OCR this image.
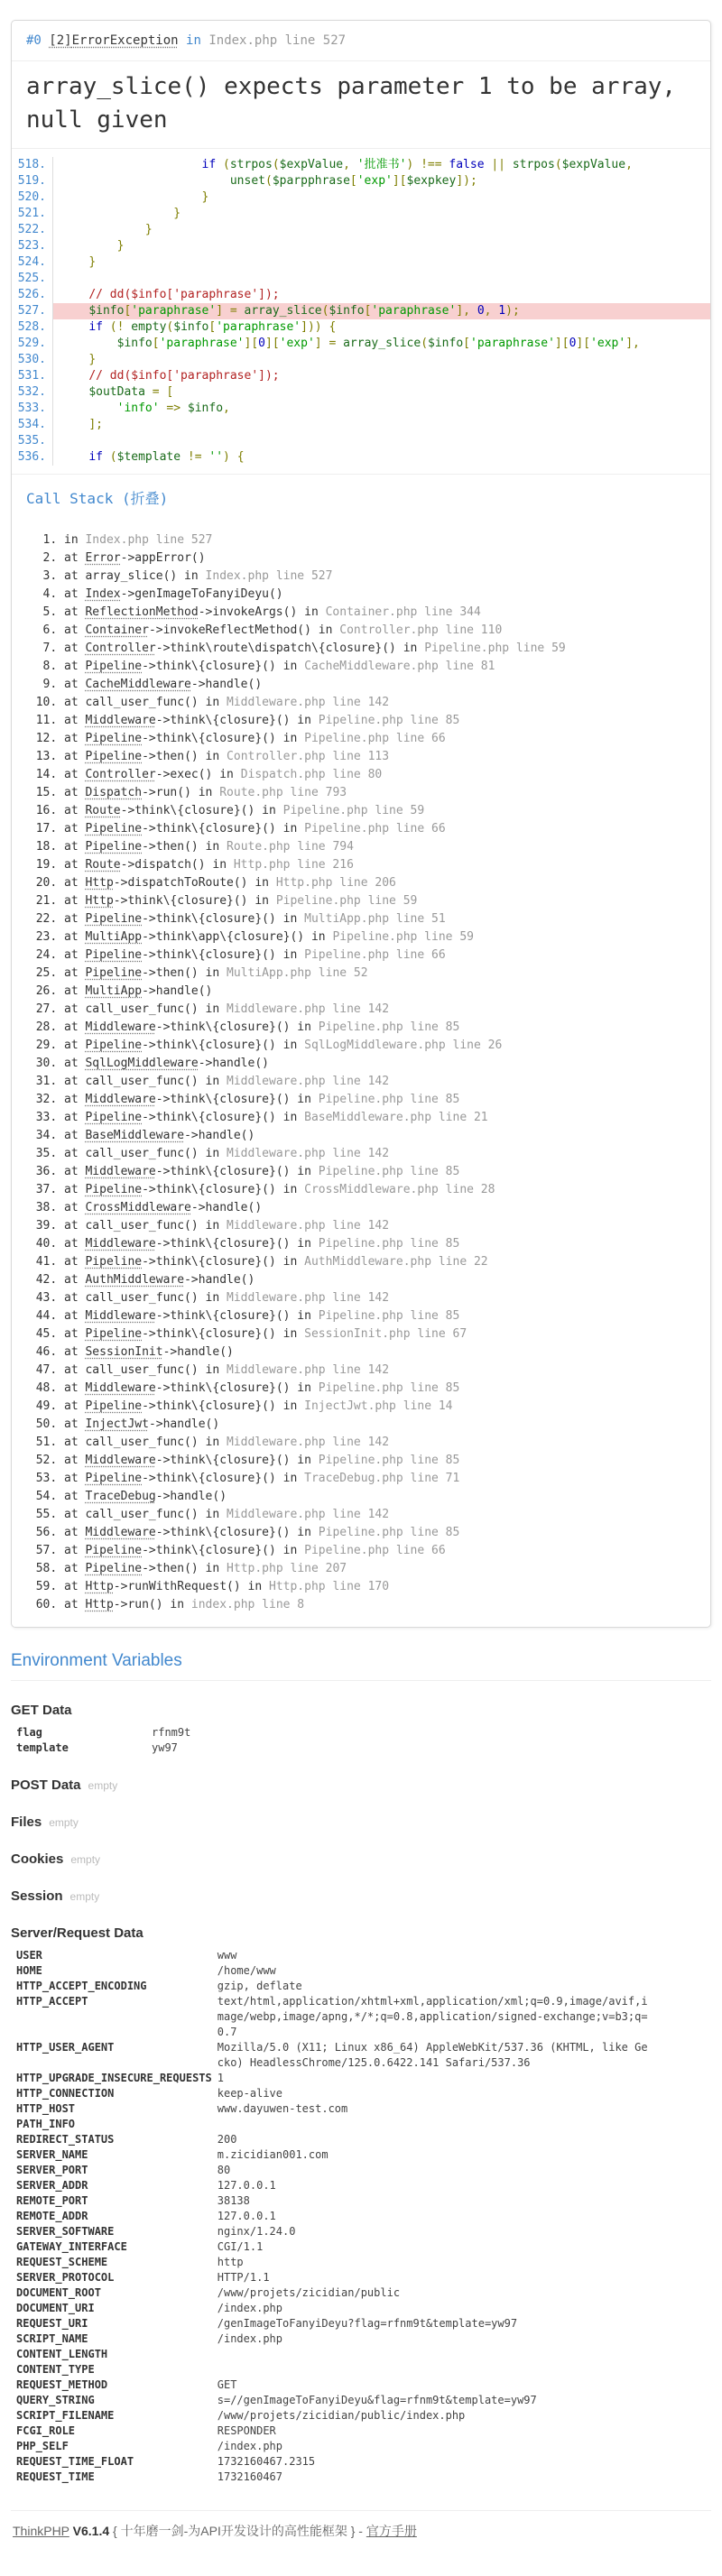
#0 [2]ErrorException in Index.php line 527
array_slice() expects parameter 1 to be array, null given
518.	if (strpos($expValue, '批准书') !== false || strpos($expValue,
519.	unset($parpphrase['exp'][$expkey]);
520.	}
521.	}
522.	}
523.	}
524.	}
525.

526.	// dd($info['paraphrase']);
527.	$info['paraphrase'] = array_slice($info['paraphrase'], 0, 1);
528.	if (! empty($info['paraphrase'])) {
529.	$info['paraphrase'][0]['exp'] = array_slice($info['paraphrase'][0]['exp'],
530.	}
531.	// dd($info['paraphrase']);
532.	$outData = [
533.	'info' => $info,
534.	];
535.

536.	if ($template != '') {
Call Stack (折叠)
1. in Index.php line 527
2. at Error->appError()
3. at array_slice() in Index.php line 527
4. at Index->genImageToFanyiDeyu()
5. at ReflectionMethod->invokeArgs() in Container.php line 344
6. at Container->invokeReflectMethod() in Controller.php line 110
7. at Controller->think\route\dispatch\{closure}() in Pipeline.php line 59
8. at Pipeline->think\{closure}() in CacheMiddleware.php line 81
9. at CacheMiddleware->handle()
10. at call_user_func() in Middleware.php line 142
11. at Middleware->think\{closure}() in Pipeline.php line 85
12. at Pipeline->think\{closure}() in Pipeline.php line 66
13. at Pipeline->then() in Controller.php line 113
14. at Controller->exec() in Dispatch.php line 80
15. at Dispatch->run() in Route.php line 793
16. at Route->think\{closure}() in Pipeline.php line 59
17. at Pipeline->think\{closure}() in Pipeline.php line 66
18. at Pipeline->then() in Route.php line 794
19. at Route->dispatch() in Http.php line 216
20. at Http->dispatchToRoute() in Http.php line 206
21. at Http->think\{closure}() in Pipeline.php line 59
22. at Pipeline->think\{closure}() in MultiApp.php line 51
23. at MultiApp->think\app\{closure}() in Pipeline.php line 59
24. at Pipeline->think\{closure}() in Pipeline.php line 66
25. at Pipeline->then() in MultiApp.php line 52
26. at MultiApp->handle()
27. at call_user_func() in Middleware.php line 142
28. at Middleware->think\{closure}() in Pipeline.php line 85
29. at Pipeline->think\{closure}() in SqlLogMiddleware.php line 26
30. at SqlLogMiddleware->handle()
31. at call_user_func() in Middleware.php line 142
32. at Middleware->think\{closure}() in Pipeline.php line 85
33. at Pipeline->think\{closure}() in BaseMiddleware.php line 21
34. at BaseMiddleware->handle()
35. at call_user_func() in Middleware.php line 142
36. at Middleware->think\{closure}() in Pipeline.php line 85
37. at Pipeline->think\{closure}() in CrossMiddleware.php line 28
38. at CrossMiddleware->handle()
39. at call_user_func() in Middleware.php line 142
40. at Middleware->think\{closure}() in Pipeline.php line 85
41. at Pipeline->think\{closure}() in AuthMiddleware.php line 22
42. at AuthMiddleware->handle()
43. at call_user_func() in Middleware.php line 142
44. at Middleware->think\{closure}() in Pipeline.php line 85
45. at Pipeline->think\{closure}() in SessionInit.php line 67
46. at SessionInit->handle()
47. at call_user_func() in Middleware.php line 142
48. at Middleware->think\{closure}() in Pipeline.php line 85
49. at Pipeline->think\{closure}() in InjectJwt.php line 14
50. at InjectJwt->handle()
51. at call_user_func() in Middleware.php line 142
52. at Middleware->think\{closure}() in Pipeline.php line 85
53. at Pipeline->think\{closure}() in TraceDebug.php line 71
54. at TraceDebug->handle()
55. at call_user_func() in Middleware.php line 142
56. at Middleware->think\{closure}() in Pipeline.php line 85
57. at Pipeline->think\{closure}() in Pipeline.php line 66
58. at Pipeline->then() in Http.php line 207
59. at Http->runWithRequest() in Http.php line 170
60. at Http->run() in index.php line 8
Environment Variables
GET Data
flag	rfnm9t
template	yw97
POST Data empty
Files empty
Cookies empty
Session empty
Server/Request Data
USER	www
HOME	/home/www
HTTP_ACCEPT_ENCODING	gzip, deflate
HTTP_ACCEPT	text/html,application/xhtml+xml,application/xml;q=0.9,image/avif,image/webp,image/apng,*/*;q=0.8,application/signed-exchange;v=b3;q=0.7
HTTP_USER_AGENT	Mozilla/5.0 (X11; Linux x86_64) AppleWebKit/537.36 (KHTML, like Gecko) HeadlessChrome/125.0.6422.141 Safari/537.36
HTTP_UPGRADE_INSECURE_REQUESTS	1
HTTP_CONNECTION	keep-alive
HTTP_HOST	www.dayuwen-test.com
PATH_INFO	
REDIRECT_STATUS	200
SERVER_NAME	m.zicidian001.com
SERVER_PORT	80
SERVER_ADDR	127.0.0.1
REMOTE_PORT	38138
REMOTE_ADDR	127.0.0.1
SERVER_SOFTWARE	nginx/1.24.0
GATEWAY_INTERFACE	CGI/1.1
REQUEST_SCHEME	http
SERVER_PROTOCOL	HTTP/1.1
DOCUMENT_ROOT	/www/projets/zicidian/public
DOCUMENT_URI	/index.php
REQUEST_URI	/genImageToFanyiDeyu?flag=rfnm9t&template=yw97
SCRIPT_NAME	/index.php
CONTENT_LENGTH	
CONTENT_TYPE	
REQUEST_METHOD	GET
QUERY_STRING	s=//genImageToFanyiDeyu&flag=rfnm9t&template=yw97
SCRIPT_FILENAME	/www/projets/zicidian/public/index.php
FCGI_ROLE	RESPONDER
PHP_SELF	/index.php
REQUEST_TIME_FLOAT	1732160467.2315
REQUEST_TIME	1732160467
ThinkPHP V6.1.4 { 十年磨一剑-为API开发设计的高性能框架 } - 官方手册
